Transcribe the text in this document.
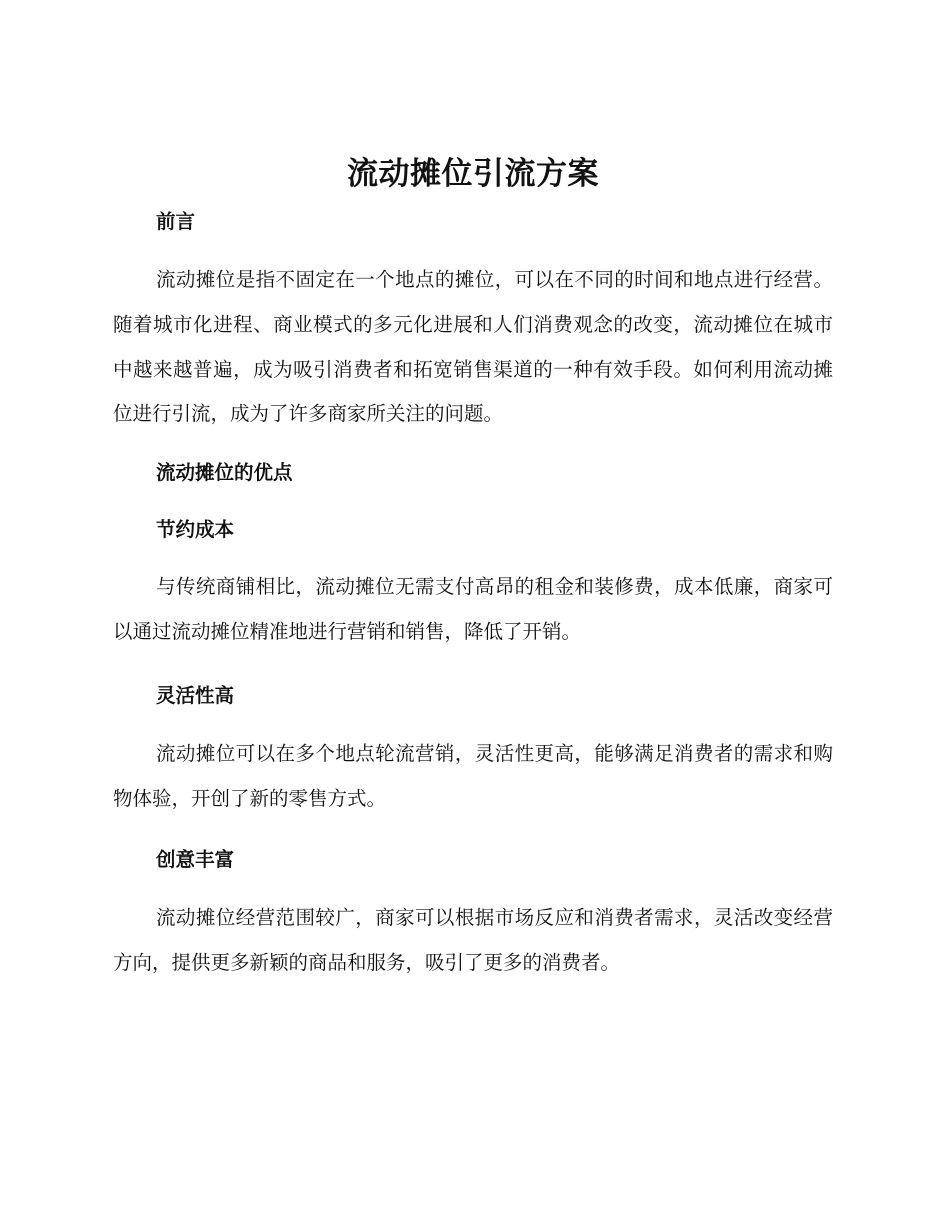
流动摊位引流方案
前言

流动摊位是指不固定在一个地点的摊位，可以在不同的时间和地点进行经营。随着城市化进程、商业模式的多元化进展和人们消费观念的改变，流动摊位在城市中越来越普遍，成为吸引消费者和拓宽销售渠道的一种有效手段。如何利用流动摊位进行引流，成为了许多商家所关注的问题。

流动摊位的优点
节约成本

与传统商铺相比，流动摊位无需支付高昂的租金和装修费，成本低廉，商家可以通过流动摊位精准地进行营销和销售，降低了开销。

灵活性高

流动摊位可以在多个地点轮流营销，灵活性更高，能够满足消费者的需求和购物体验，开创了新的零售方式。

创意丰富

流动摊位经营范围较广，商家可以根据市场反应和消费者需求，灵活改变经营方向，提供更多新颖的商品和服务，吸引了更多的消费者。
